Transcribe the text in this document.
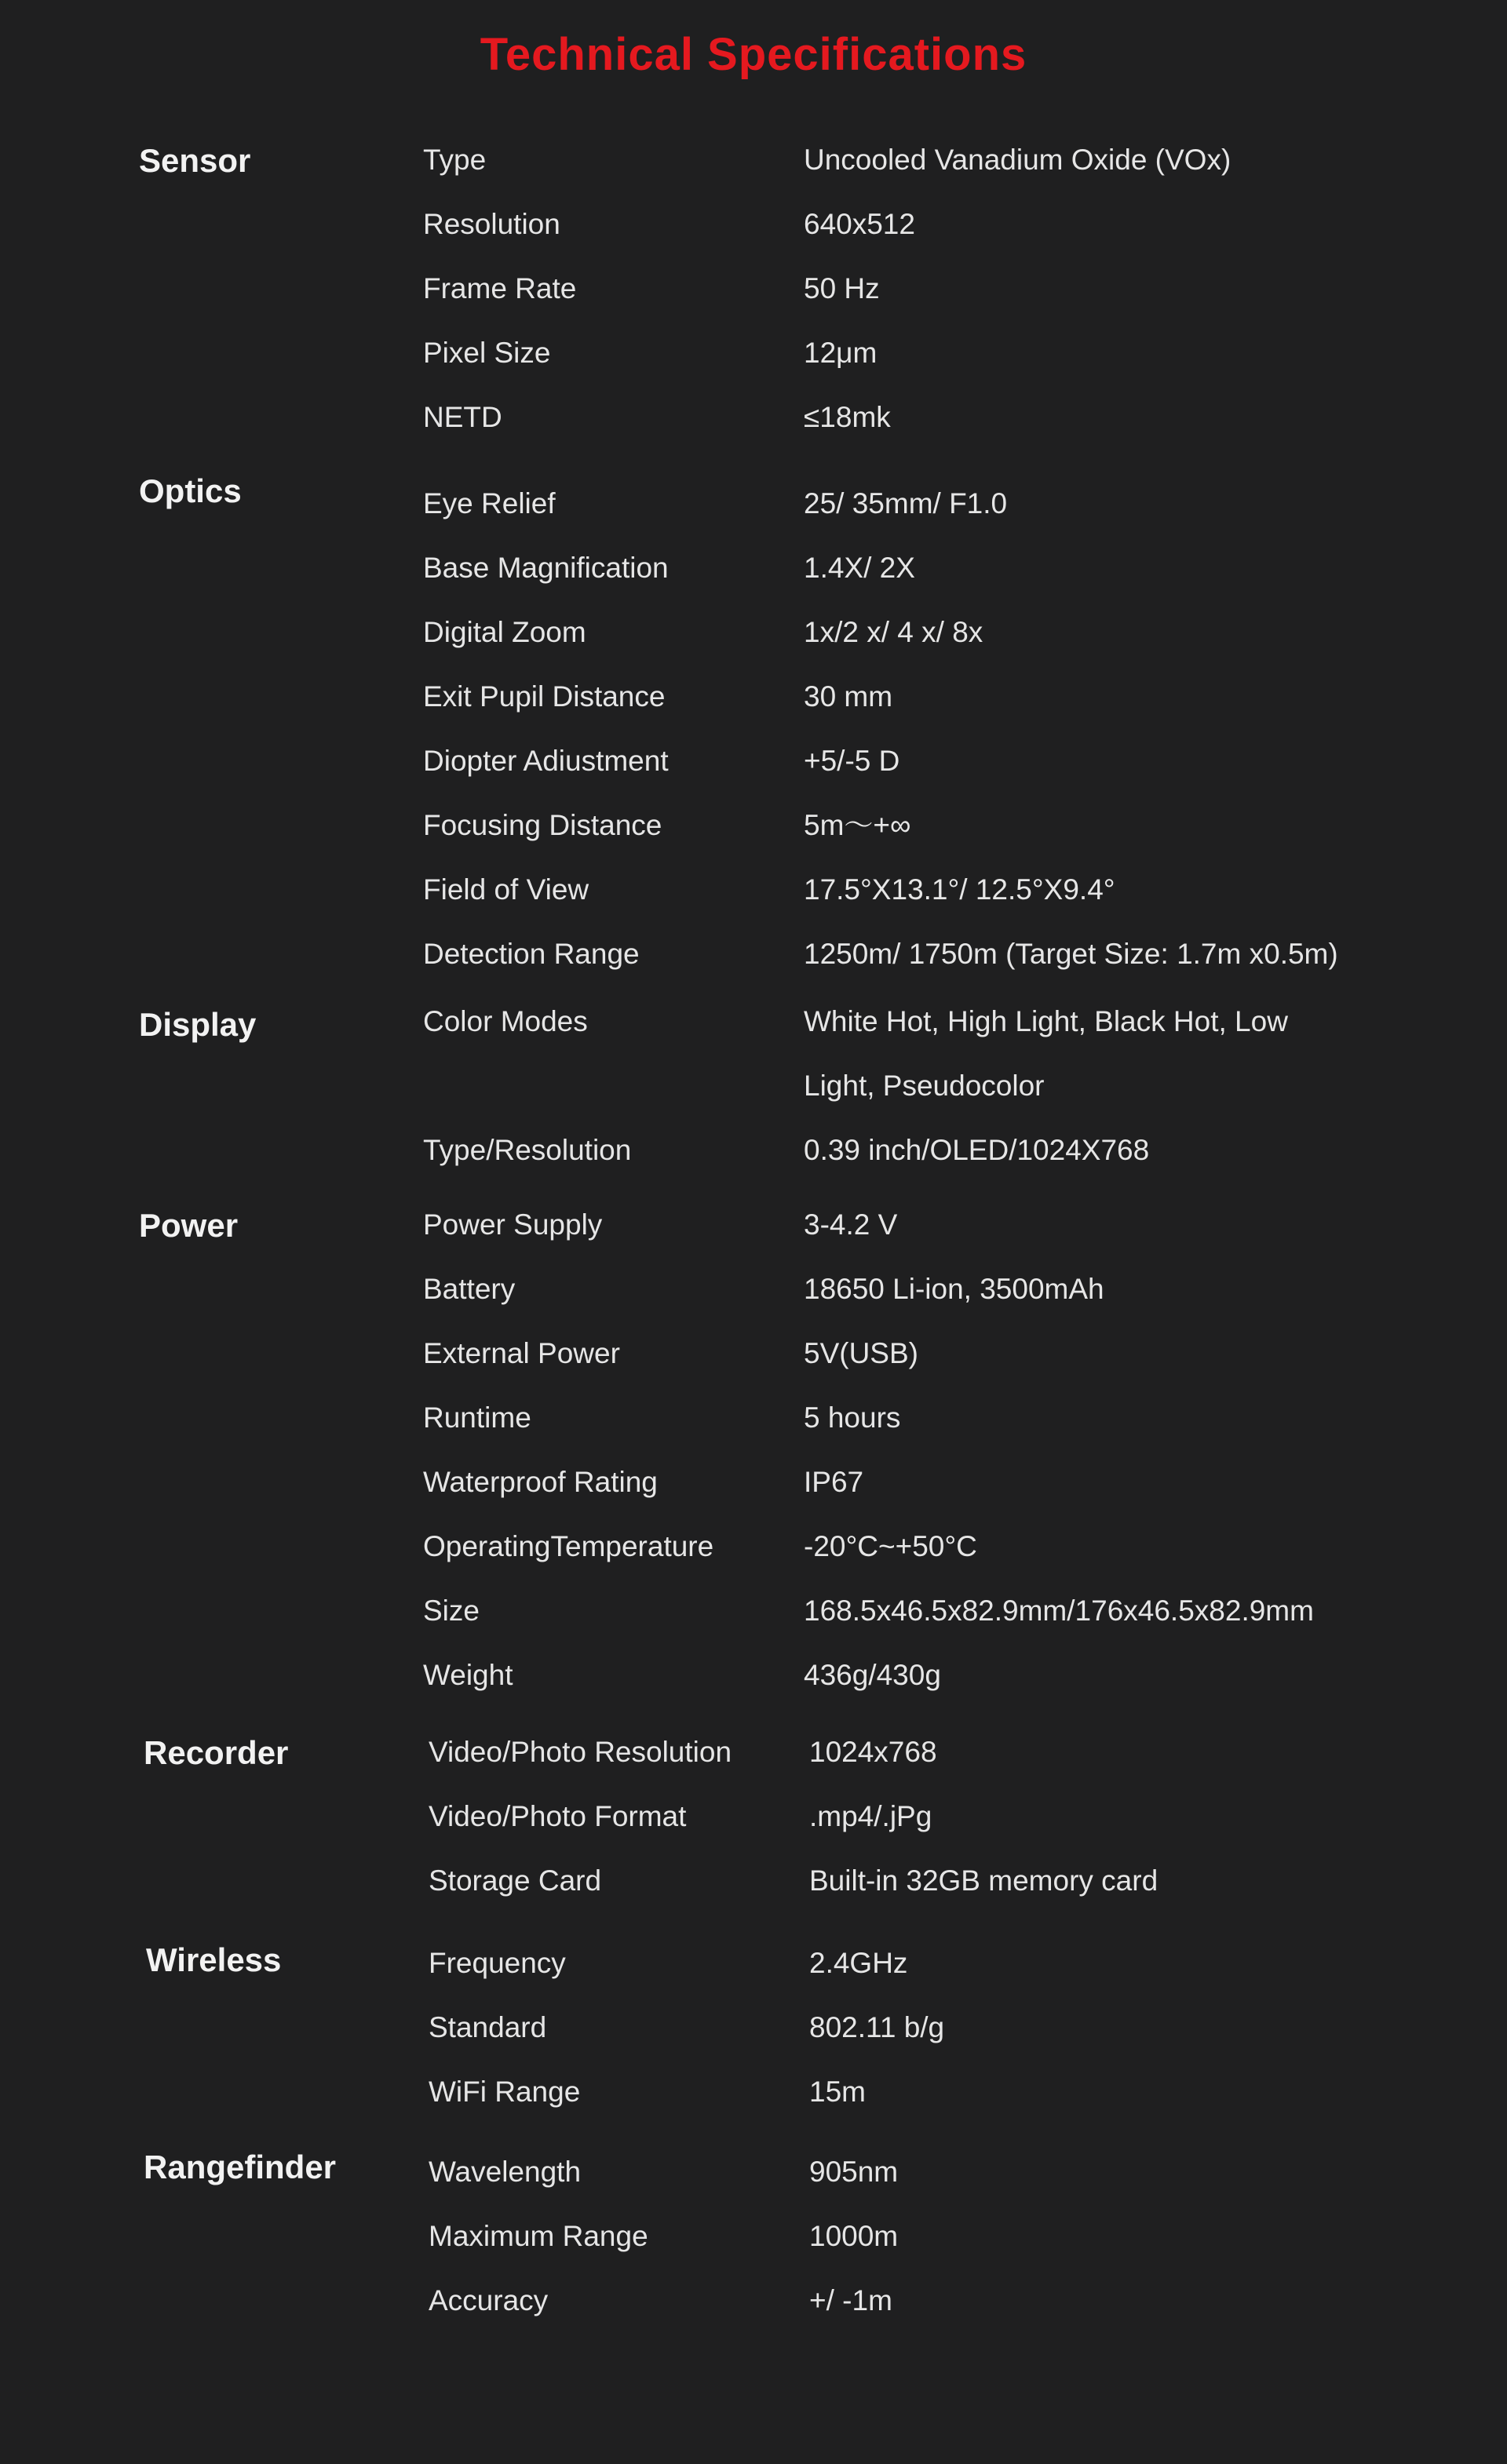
Technical Specifications
Sensor	Type	Uncooled Vanadium Oxide (VOx)
Resolution	640x512
Frame Rate	50 Hz
Pixel Size	12μm
NETD	≤18mk
Optics	Eye Relief	25/ 35mm/ F1.0
Base Magnification	1.4X/ 2X
Digital Zoom	1x/2 x/ 4 x/ 8x
Exit Pupil Distance	30 mm
Diopter Adiustment	+5/-5 D
Focusing Distance	5m～+∞
Field of View	17.5°X13.1°/ 12.5°X9.4°
Detection Range	1250m/ 1750m (Target Size: 1.7m x0.5m)
Display	Color Modes	White Hot, High Light, Black Hot, Low Light, Pseudocolor
Type/Resolution	0.39 inch/OLED/1024X768
Power	Power Supply	3-4.2 V
Battery	18650 Li-ion, 3500mAh
External Power	5V(USB)
Runtime	5 hours
Waterproof Rating	IP67
OperatingTemperature	-20°C~+50°C
Size	168.5x46.5x82.9mm/176x46.5x82.9mm
Weight	436g/430g
Recorder	Video/Photo Resolution	1024x768
Video/Photo Format	.mp4/.jPg
Storage Card	Built-in 32GB memory card
Wireless	Frequency	2.4GHz
Standard	802.11 b/g
WiFi Range	15m
Rangefinder	Wavelength	905nm
Maximum Range	1000m
Accuracy	+/ -1m
